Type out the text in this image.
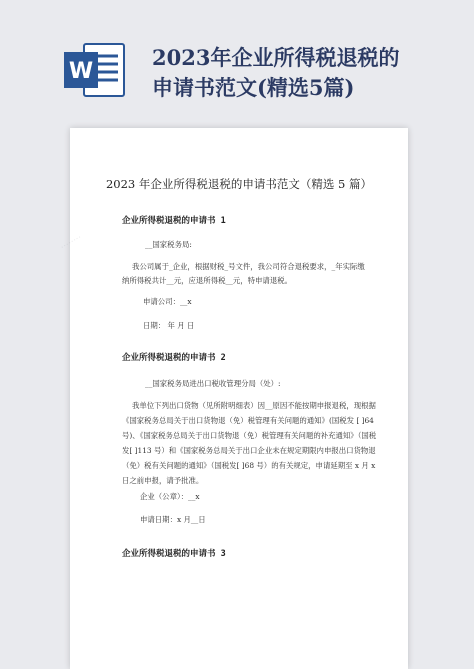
W
2023年企业所得税退税的
申请书范文(精选5篇)
········
2023 年企业所得税退税的申请书范文（精选 5 篇）
企业所得税退税的申请书 1
__国家税务局:
我公司属于_企业，根据财税_号文件，我公司符合退税要求，_年实际缴
纳所得税共计__元，应退所得税__元，特申请退税。
申请公司：__x
日期： 年 月 日
企业所得税退税的申请书 2
__国家税务局进出口税收管理分局（处）:
我单位下列出口货物（见所附明细表）因__原因不能按期申报退税，现根据
《国家税务总局关于出口货物退（免）税管理有关问题的通知》(国税发 [ ]64
号)、《国家税务总局关于出口货物退（免）税管理有关问题的补充通知》（国税
发[ ]113 号）和《国家税务总局关于出口企业未在规定期限内申报出口货物退
（免）税有关问题的通知》（国税发[ ]68 号）的有关规定，申请延期至 x 月 x
日之前申报，请予批准。
企业（公章）：__x
申请日期：x 月__日
企业所得税退税的申请书 3
